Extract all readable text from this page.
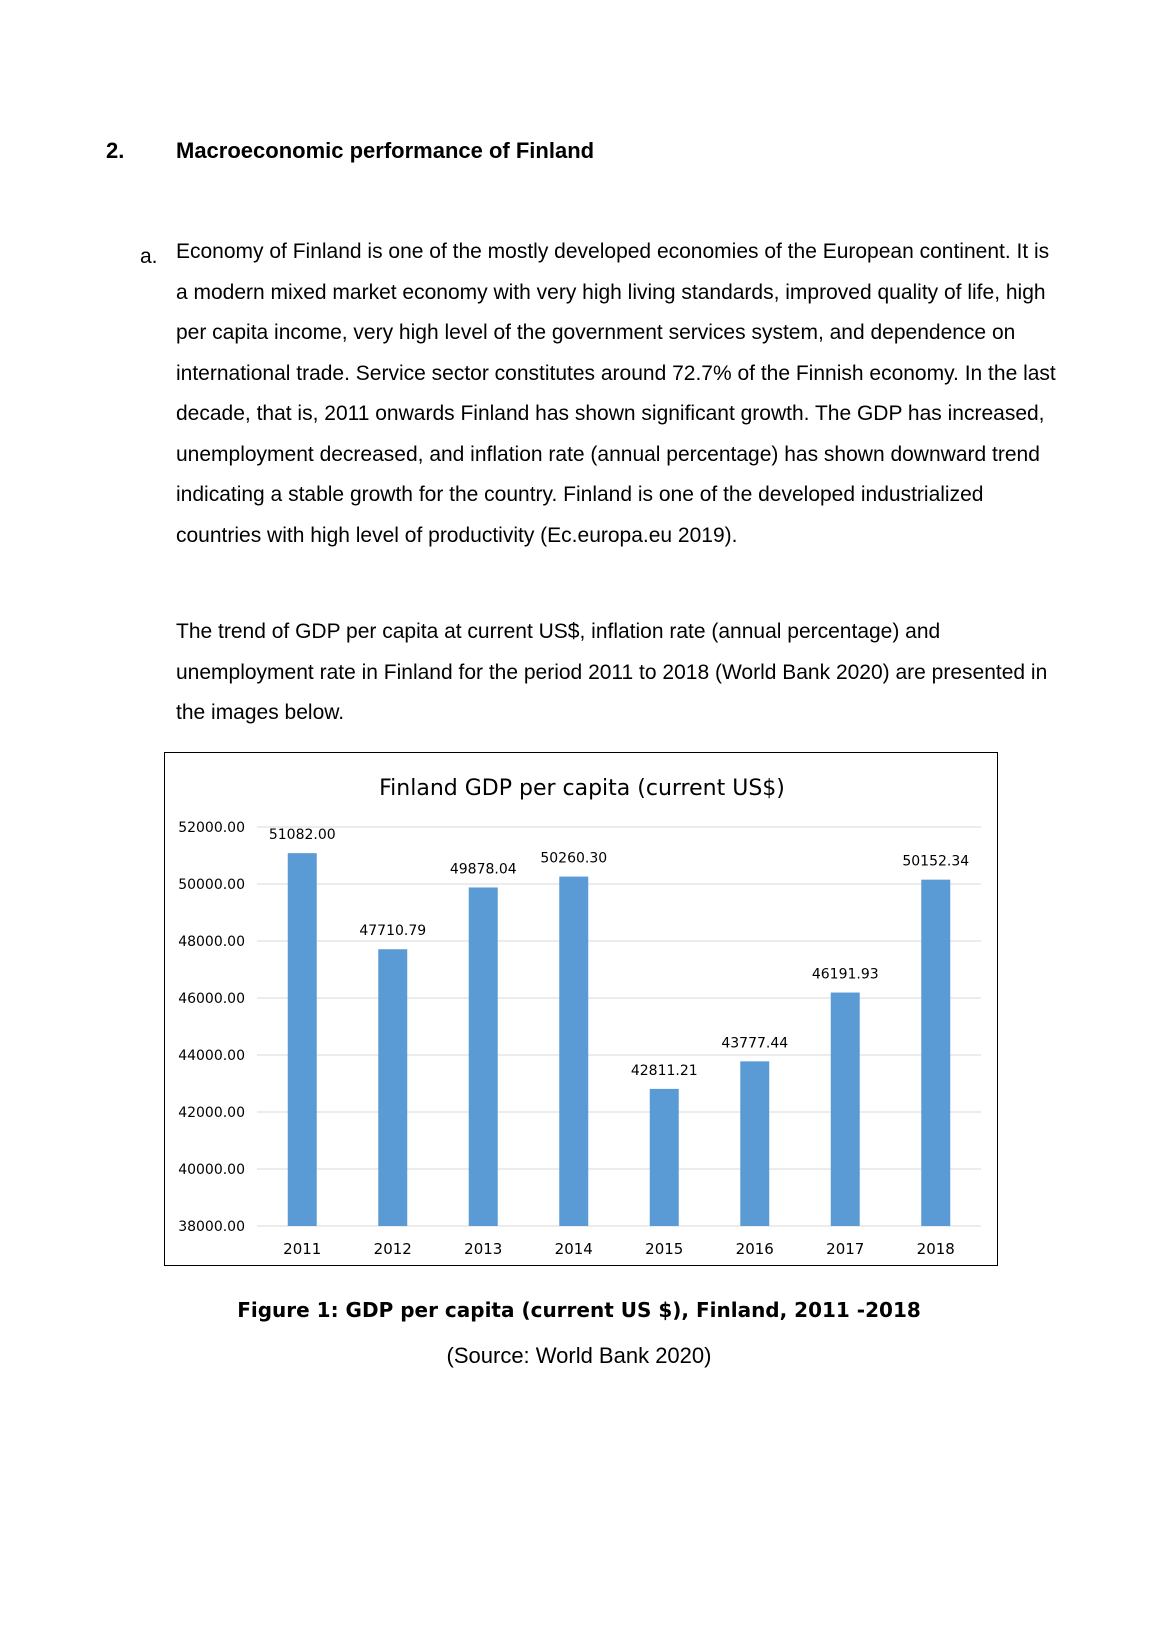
2. Macroeconomic performance of Finland
a. Economy of Finland is one of the mostly developed economies of the European continent. It is a modern mixed market economy with very high living standards, improved quality of life, high per capita income, very high level of the government services system, and dependence on international trade. Service sector constitutes around 72.7% of the Finnish economy. In the last decade, that is, 2011 onwards Finland has shown significant growth. The GDP has increased, unemployment decreased, and inflation rate (annual percentage) has shown downward trend indicating a stable growth for the country. Finland is one of the developed industrialized countries with high level of productivity (Ec.europa.eu 2019).

The trend of GDP per capita at current US$, inflation rate (annual percentage) and unemployment rate in Finland for the period 2011 to 2018 (World Bank 2020) are presented in the images below.

Finland GDP per capita (current US$)
38000.00
40000.00
42000.00
44000.00
46000.00
48000.00
50000.00
52000.00 51082.00
47710.79
49878.04
50260.30
42811.21
43777.44
46191.93
50152.34
2011	2012	2013	2014	2015	2016	2017	2018
Figure 1: GDP per capita (current US $), Finland, 2011 -2018
(Source: World Bank 2020)
